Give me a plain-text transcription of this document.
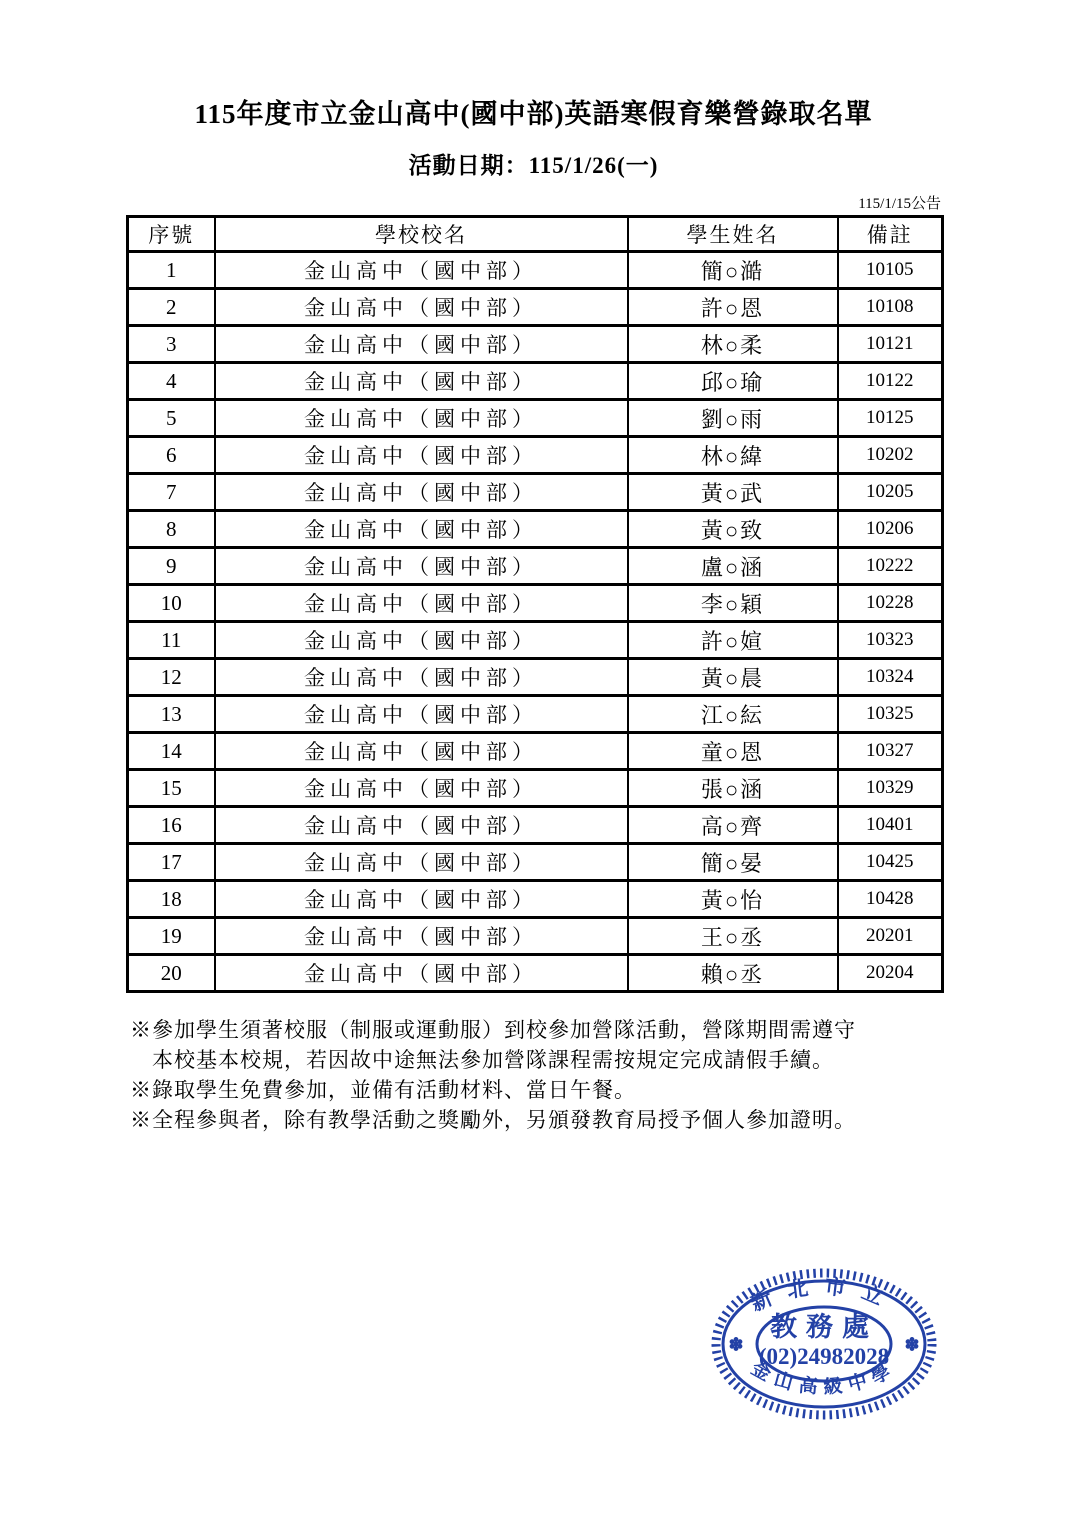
115年度市立金山高中(國中部)英語寒假育樂營錄取名單
活動日期：115/1/26(一)
115/1/15公告
序號	學校校名	學生姓名	備註
1	金山高中（國中部）	簡○澔	10105
2	金山高中（國中部）	許○恩	10108
3	金山高中（國中部）	林○柔	10121
4	金山高中（國中部）	邱○瑜	10122
5	金山高中（國中部）	劉○雨	10125
6	金山高中（國中部）	林○緯	10202
7	金山高中（國中部）	黃○武	10205
8	金山高中（國中部）	黃○致	10206
9	金山高中（國中部）	盧○涵	10222
10	金山高中（國中部）	李○穎	10228
11	金山高中（國中部）	許○媗	10323
12	金山高中（國中部）	黃○晨	10324
13	金山高中（國中部）	江○紜	10325
14	金山高中（國中部）	童○恩	10327
15	金山高中（國中部）	張○涵	10329
16	金山高中（國中部）	高○齊	10401
17	金山高中（國中部）	簡○晏	10425
18	金山高中（國中部）	黃○怡	10428
19	金山高中（國中部）	王○丞	20201
20	金山高中（國中部）	賴○丞	20204

※參加學生須著校服（制服或運動服）到校參加營隊活動，營隊期間需遵守

本校基本校規，若因故中途無法參加營隊課程需按規定完成請假手續。

※錄取學生免費參加，並備有活動材料、當日午餐。

※全程參與者，除有教學活動之獎勵外，另頒發教育局授予個人參加證明。

新北市立
金山高級中學
教務處
(02)24982028
